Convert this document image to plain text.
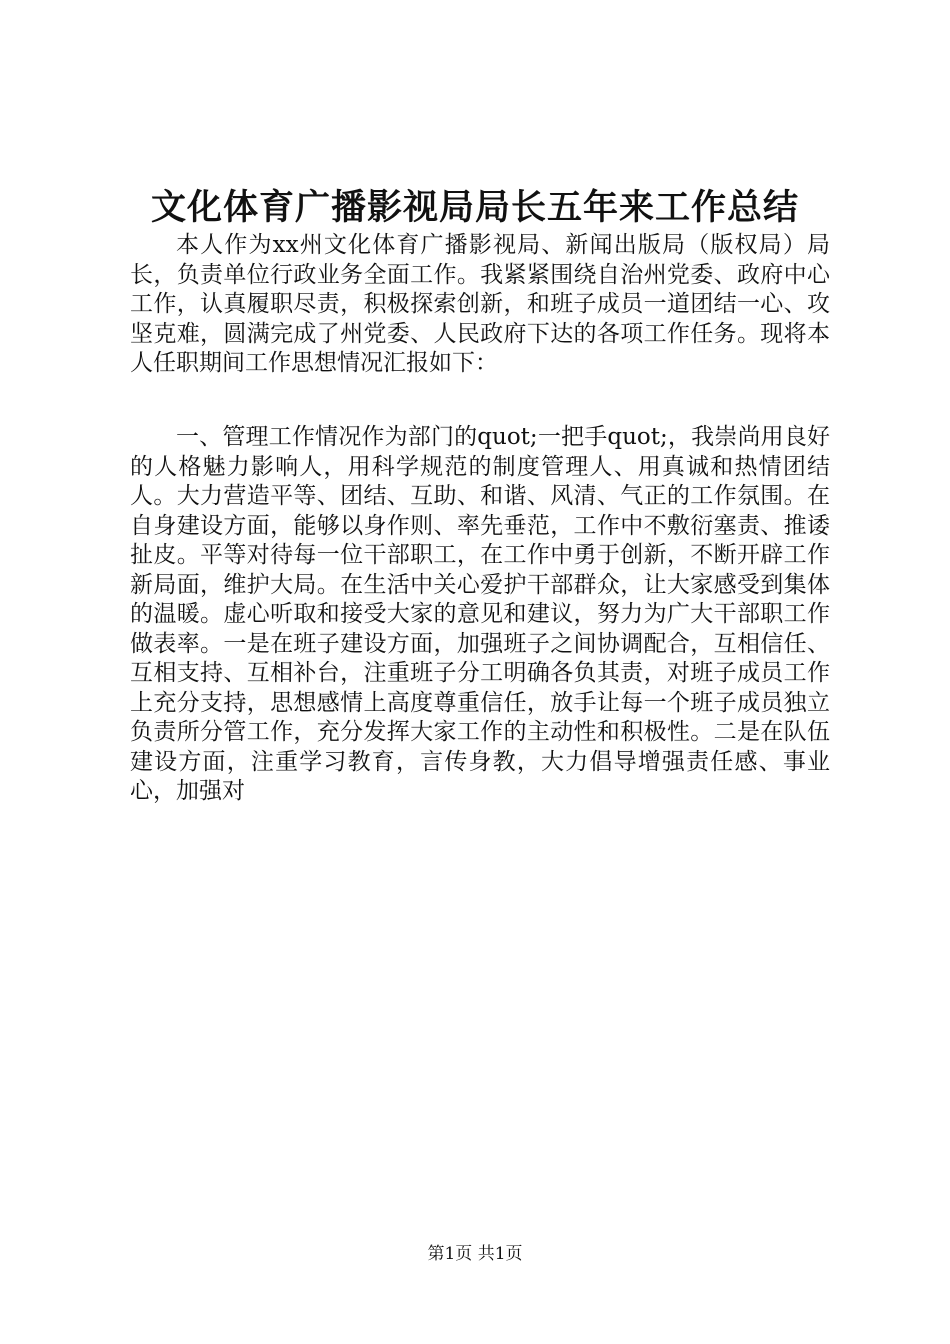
文化体育广播影视局局长五年来工作总结

本人作为xx州文化体育广播影视局、新闻出版局（版权局）局长，负责单位行政业务全面工作。我紧紧围绕自治州党委、政府中心工作，认真履职尽责，积极探索创新，和班子成员一道团结一心、攻坚克难，圆满完成了州党委、人民政府下达的各项工作任务。现将本人任职期间工作思想情况汇报如下：

一、管理工作情况作为部门的quot;一把手quot;，我崇尚用良好的人格魅力影响人，用科学规范的制度管理人、用真诚和热情团结人。大力营造平等、团结、互助、和谐、风清、气正的工作氛围。在自身建设方面，能够以身作则、率先垂范，工作中不敷衍塞责、推诿扯皮。平等对待每一位干部职工，在工作中勇于创新，不断开辟工作新局面，维护大局。在生活中关心爱护干部群众，让大家感受到集体的温暖。虚心听取和接受大家的意见和建议，努力为广大干部职工作做表率。一是在班子建设方面，加强班子之间协调配合，互相信任、互相支持、互相补台，注重班子分工明确各负其责，对班子成员工作上充分支持，思想感情上高度尊重信任，放手让每一个班子成员独立负责所分管工作，充分发挥大家工作的主动性和积极性。二是在队伍建设方面，注重学习教育，言传身教，大力倡导增强责任感、事业心，加强对

第1页 共1页
